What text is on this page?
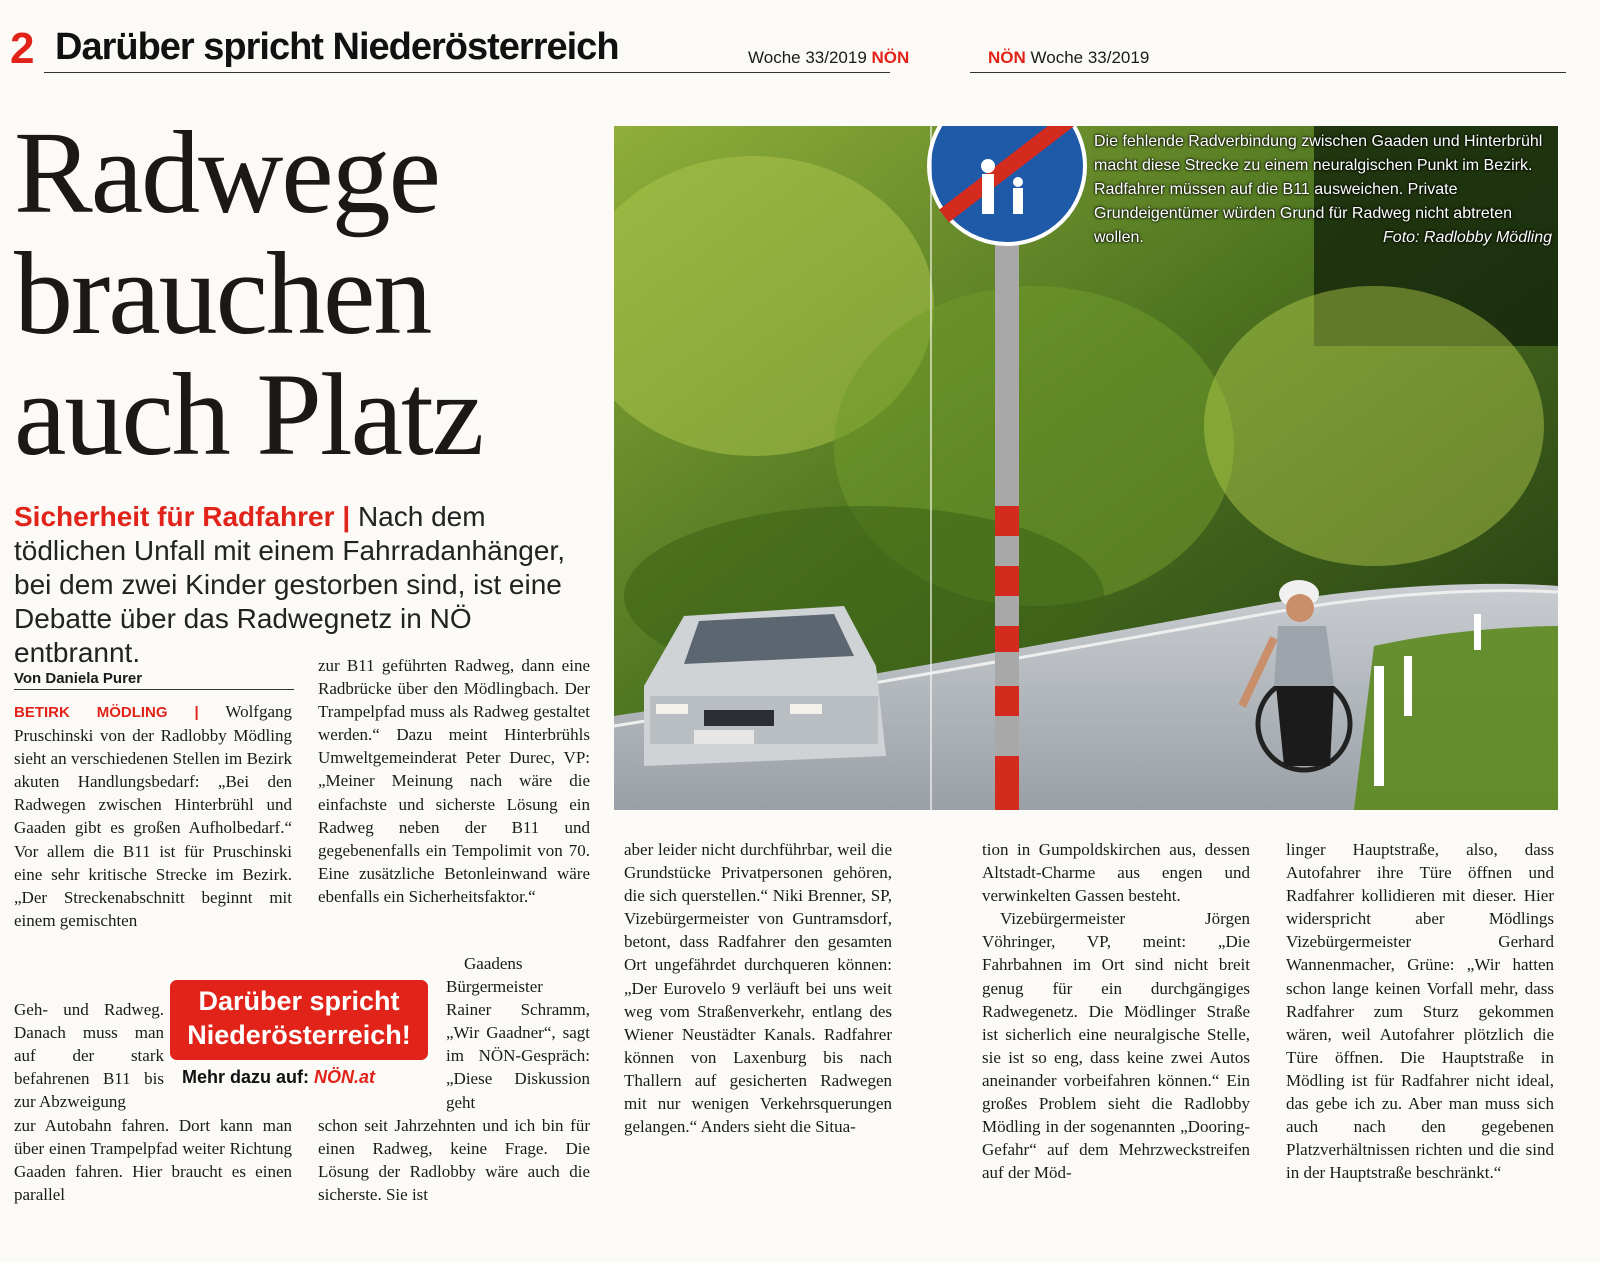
2 Darüber spricht Niederösterreich	Woche 33/2019 NÖN	NÖN Woche 33/2019
Radwege
brauchen
auch Platz
Sicherheit für Radfahrer | Nach dem tödlichen Unfall mit einem Fahrradanhänger, bei dem zwei Kinder gestorben sind, ist eine Debatte über das Radwegnetz in NÖ entbrannt.
Von Daniela Purer

BETIRK MÖDLING | Wolfgang Pruschinski von der Radlobby Mödling sieht an verschiedenen Stellen im Bezirk akuten Handlungsbedarf: „Bei den Radwegen zwischen Hinterbrühl und Gaaden gibt es großen Aufholbedarf.“ Vor allem die B11 ist für Pruschinski eine sehr kritische Strecke im Bezirk. „Der Streckenabschnitt beginnt mit einem gemischten

Geh- und Radweg. Danach muss man auf der stark befahrenen B11 bis zur Abzweigung

zur Autobahn fahren. Dort kann man über einen Trampelpfad weiter Richtung Gaaden fahren. Hier braucht es einen parallel

zur B11 geführten Radweg, dann eine Radbrücke über den Mödlingbach. Der Trampelpfad muss als Radweg gestaltet werden.“ Dazu meint Hinterbrühls Umweltgemeinderat Peter Durec, VP: „Meiner Meinung nach wäre die einfachste und sicherste Lösung ein Radweg neben der B11 und gegebenenfalls ein Tempolimit von 70. Eine zusätzliche Betonleinwand wäre ebenfalls ein Sicherheitsfaktor.“

Gaadens Bürgermeister Rainer Schramm, „Wir Gaadner“, sagt im NÖN-Gespräch: „Diese Diskussion geht

schon seit Jahrzehnten und ich bin für einen Radweg, keine Frage. Die Lösung der Radlobby wäre auch die sicherste. Sie ist

Darüber spricht
Niederösterreich!
Mehr dazu auf: NÖN.at
Die fehlende Radverbindung zwischen Gaaden und Hinterbrühl macht diese Strecke zu einem neuralgischen Punkt im Bezirk. Radfahrer müssen auf die B11 ausweichen. Private Grundeigentümer würden Grund für Radweg nicht abtreten wollen.	Foto: Radlobby Mödling

aber leider nicht durchführbar, weil die Grundstücke Privatpersonen gehören, die sich querstellen.“ Niki Brenner, SP, Vizebürgermeister von Guntramsdorf, betont, dass Radfahrer den gesamten Ort ungefährdet durchqueren können: „Der Eurovelo 9 verläuft bei uns weit weg vom Straßenverkehr, entlang des Wiener Neustädter Kanals. Radfahrer können von Laxenburg bis nach Thallern auf gesicherten Radwegen mit nur wenigen Verkehrsquerungen gelangen.“ Anders sieht die Situa-

tion in Gumpoldskirchen aus, dessen Altstadt-Charme aus engen und verwinkelten Gassen besteht.

Vizebürgermeister Jörgen Vöhringer, VP, meint: „Die Fahrbahnen im Ort sind nicht breit genug für ein durchgängiges Radwegenetz. Die Mödlinger Straße ist sicherlich eine neuralgische Stelle, sie ist so eng, dass keine zwei Autos aneinander vorbeifahren können.“ Ein großes Problem sieht die Radlobby Mödling in der sogenannten „Dooring-Gefahr“ auf dem Mehrzweckstreifen auf der Möd-

linger Hauptstraße, also, dass Autofahrer ihre Türe öffnen und Radfahrer kollidieren mit dieser. Hier widerspricht aber Mödlings Vizebürgermeister Gerhard Wannenmacher, Grüne: „Wir hatten schon lange keinen Vorfall mehr, dass Radfahrer zum Sturz gekommen wären, weil Autofahrer plötzlich die Türe öffnen. Die Hauptstraße in Mödling ist für Radfahrer nicht ideal, das gebe ich zu. Aber man muss sich auch nach den gegebenen Platzverhältnissen richten und die sind in der Hauptstraße beschränkt.“
